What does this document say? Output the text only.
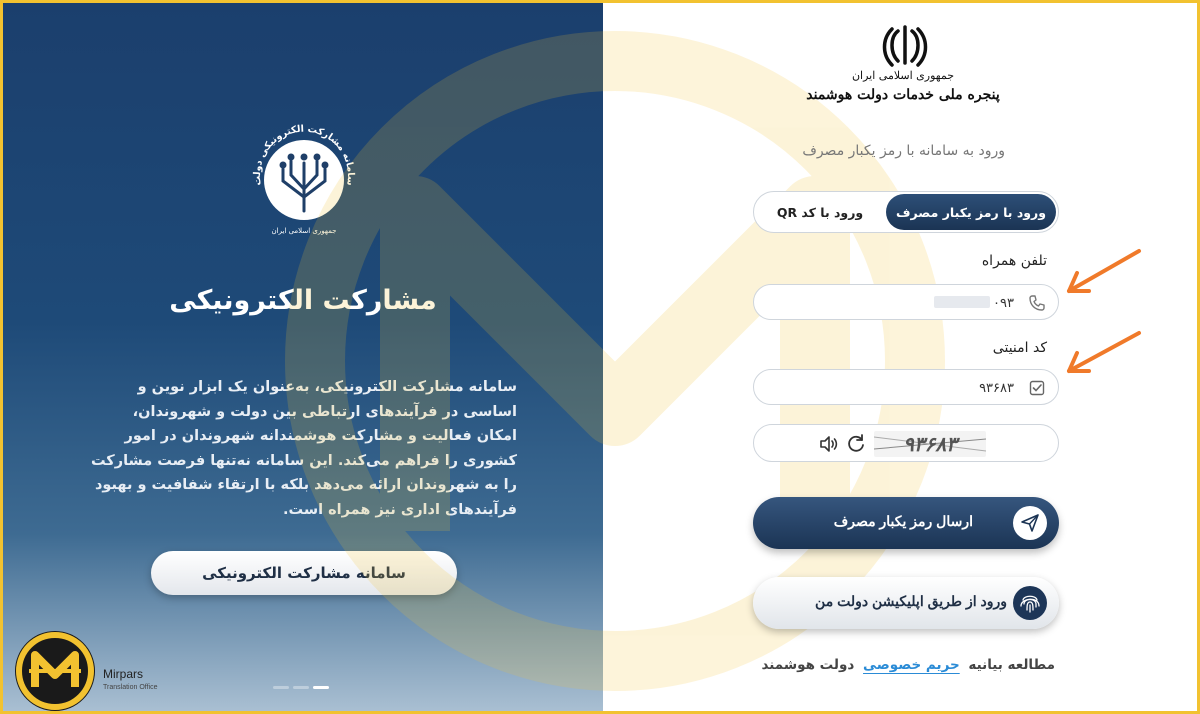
سامانه مشارکت الکترونیکی دولت
جمهوری اسلامی ایران
مشارکت الکترونیکی
سامانه مشارکت الکترونیکی، به‌عنوان یک ابزار نوین و اساسی در فرآیندهای ارتباطی بین دولت و شهروندان، امکان فعالیت و مشارکت هوشمندانه شهروندان در امور کشوری را فراهم می‌کند. این سامانه نه‌تنها فرصت مشارکت را به شهروندان ارائه می‌دهد بلکه با ارتقاء شفافیت و بهبود فرآیندهای اداری نیز همراه است.
سامانه مشارکت الکترونیکی
Mirpars
Translation Office
جمهوری اسلامی ایران
پنجره ملی خدمات دولت هوشمند
ورود به سامانه با رمز یکبار مصرف
ورود با رمز یکبار مصرف
ورود با کد QR
تلفن همراه
۰۹۳
کد امنیتی
۹۳۶۸۳
۹۳۶۸۳
ارسال رمز یکبار مصرف
ورود از طریق اپلیکیشن دولت من
مطالعه بیانیه حریم خصوصی دولت هوشمند
